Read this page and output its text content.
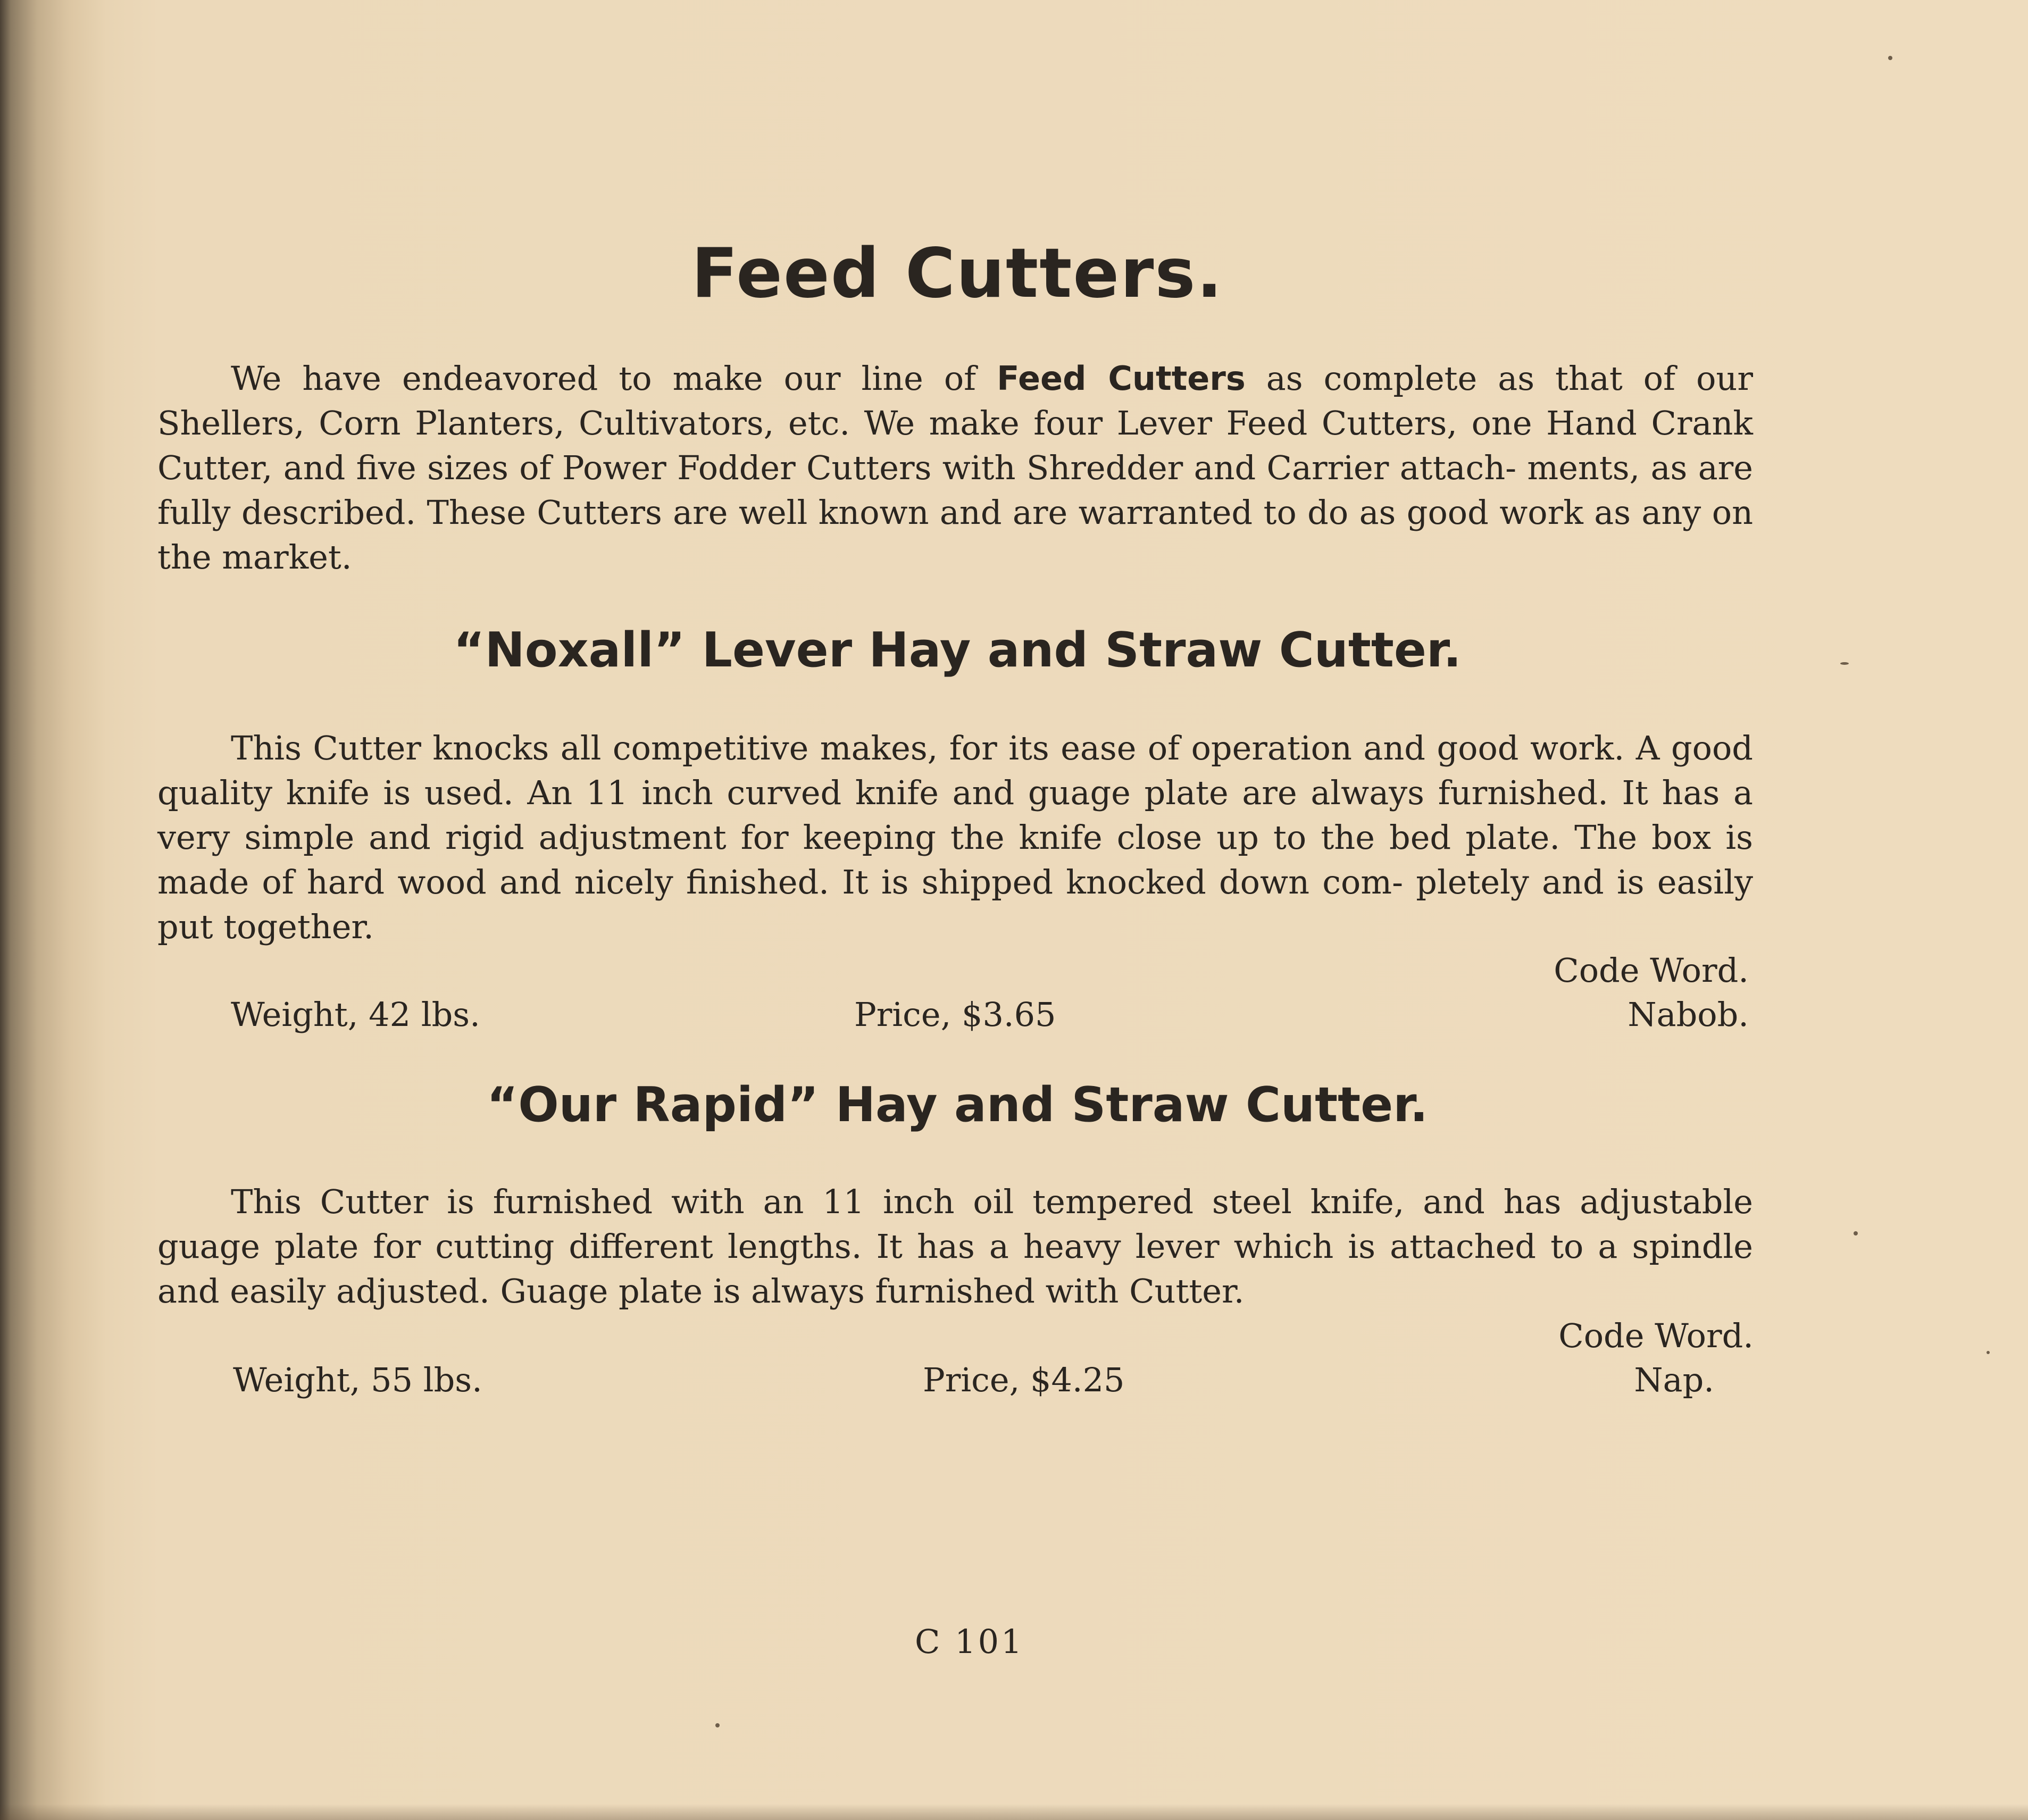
Feed Cutters.

We have endeavored to make our line of Feed Cutters as complete as that of our Shellers, Corn Planters, Cultivators, etc. We make four Lever Feed Cutters, one Hand Crank Cutter, and five sizes of Power Fodder Cutters with Shredder and Carrier attach- ments, as are fully described. These Cutters are well known and are warranted to do as good work as any on the market.

“Noxall” Lever Hay and Straw Cutter.

This Cutter knocks all competitive makes, for its ease of operation and good work. A good quality knife is used. An 11 inch curved knife and guage plate are always furnished. It has a very simple and rigid adjustment for keeping the knife close up to the bed plate. The box is made of hard wood and nicely finished. It is shipped knocked down com- pletely and is easily put together.

Code Word.

Weight, 42 lbs.	Price, $3.65	Nabob.

“Our Rapid” Hay and Straw Cutter.

This Cutter is furnished with an 11 inch oil tempered steel knife, and has adjustable guage plate for cutting different lengths. It has a heavy lever which is attached to a spindle and easily adjusted. Guage plate is always furnished with Cutter.

Code Word.

Weight, 55 lbs.	Price, $4.25	Nap.

C 101
